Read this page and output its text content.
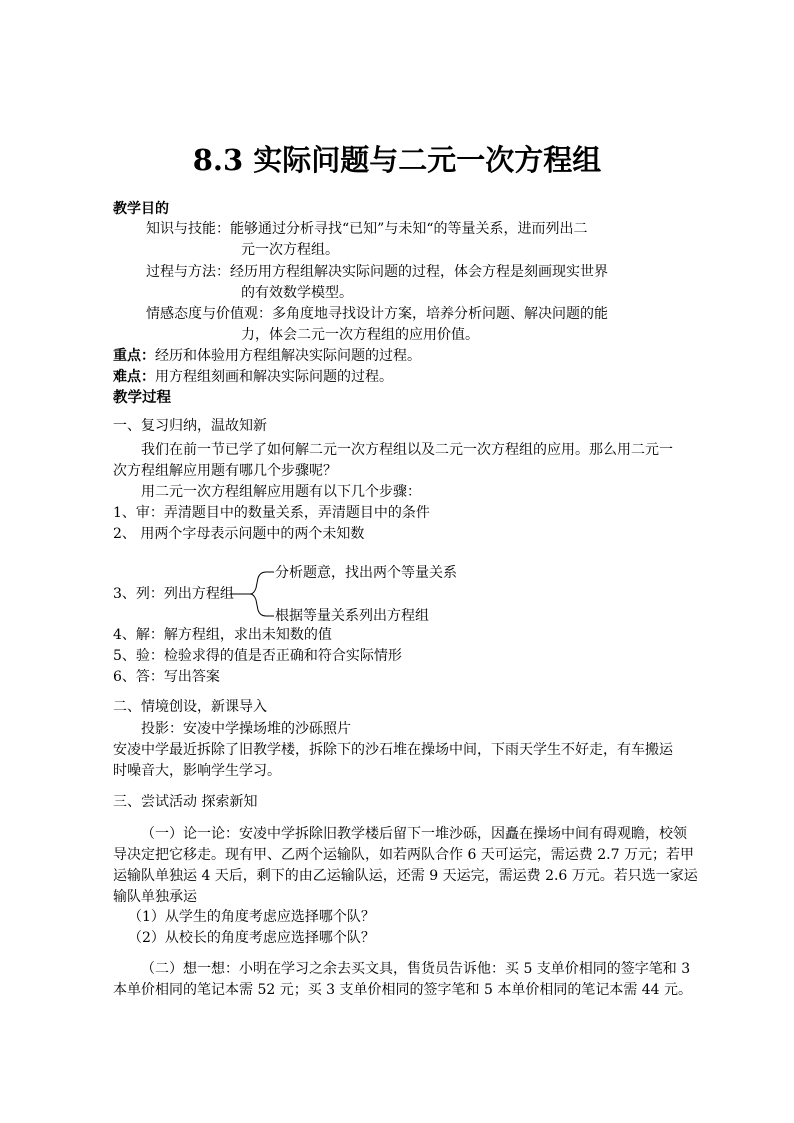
8.3 实际问题与二元一次方程组
教学目的
知识与技能：能够通过分析寻找“已知”与未知“的等量关系，进而列出二
元一次方程组。
过程与方法：经历用方程组解决实际问题的过程，体会方程是刻画现实世界
的有效数学模型。
情感态度与价值观：多角度地寻找设计方案，培养分析问题、解决问题的能
力，体会二元一次方程组的应用价值。
重点：经历和体验用方程组解决实际问题的过程。
难点：用方程组刻画和解决实际问题的过程。
教学过程
一、复习归纳，温故知新
我们在前一节已学了如何解二元一次方程组以及二元一次方程组的应用。那么用二元一
次方程组解应用题有哪几个步骤呢？
用二元一次方程组解应用题有以下几个步骤：
1、审：弄清题目中的数量关系，弄清题目中的条件
2、 用两个字母表示问题中的两个未知数
3、列：列出方程组
分析题意，找出两个等量关系
根据等量关系列出方程组
4、解：解方程组，求出未知数的值
5、验：检验求得的值是否正确和符合实际情形
6、答：写出答案
二、情境创设，新课导入
投影：安凌中学操场堆的沙砾照片
安凌中学最近拆除了旧教学楼，拆除下的沙石堆在操场中间，下雨天学生不好走，有车搬运
时噪音大，影响学生学习。
三、尝试活动 探索新知
（一）论一论：安凌中学拆除旧教学楼后留下一堆沙砾，因矗在操场中间有碍观瞻，校领
导决定把它移走。现有甲、乙两个运输队，如若两队合作 6 天可运完，需运费 2.7 万元；若甲
运输队单独运 4 天后，剩下的由乙运输队运，还需 9 天运完，需运费 2.6 万元。若只选一家运
输队单独承运
（1）从学生的角度考虑应选择哪个队？
（2）从校长的角度考虑应选择哪个队？
（二）想一想：小明在学习之余去买文具，售货员告诉他：买 5 支单价相同的签字笔和 3
本单价相同的笔记本需 52 元；买 3 支单价相同的签字笔和 5 本单价相同的笔记本需 44 元。
